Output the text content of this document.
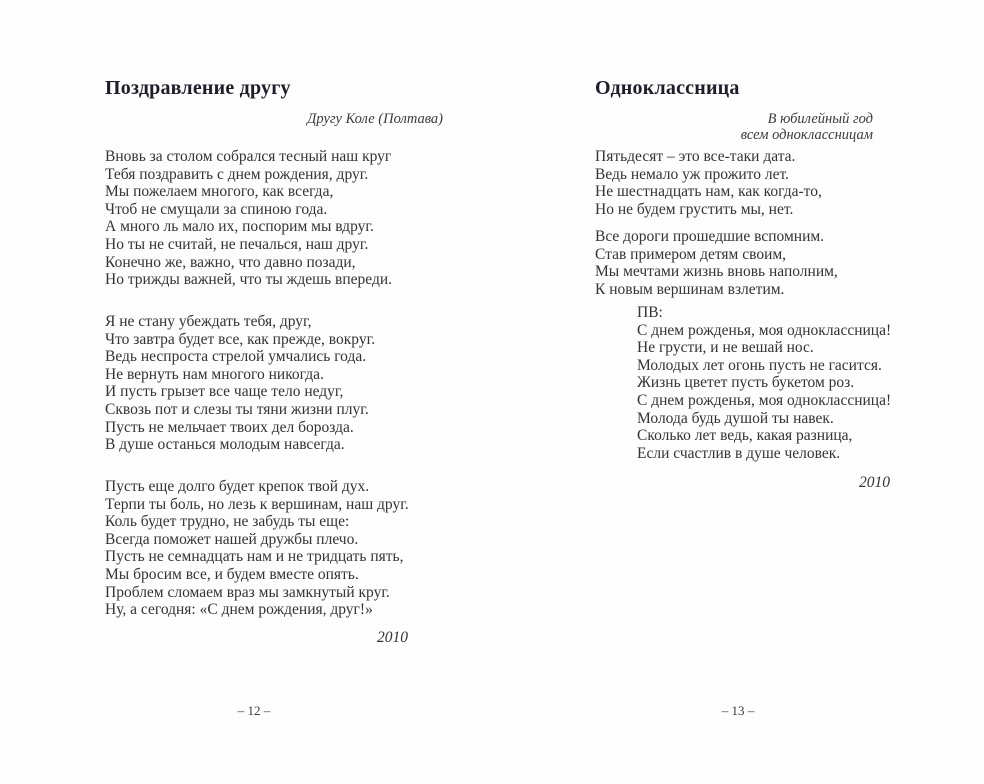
Поздравление другу
Другу Коле (Полтава)
Вновь за столом собрался тесный наш круг
Тебя поздравить с днем рождения, друг.
Мы пожелаем многого, как всегда,
Чтоб не смущали за спиною года.
А много ль мало их, поспорим мы вдруг.
Но ты не считай, не печалься, наш друг.
Конечно же, важно, что давно позади,
Но трижды важней, что ты ждешь впереди.
Я не стану убеждать тебя, друг,
Что завтра будет все, как прежде, вокруг.
Ведь неспроста стрелой умчались года.
Не вернуть нам многого никогда.
И пусть грызет все чаще тело недуг,
Сквозь пот и слезы ты тяни жизни плуг.
Пусть не мельчает твоих дел борозда.
В душе останься молодым навсегда.
Пусть еще долго будет крепок твой дух.
Терпи ты боль, но лезь к вершинам, наш друг.
Коль будет трудно, не забудь ты еще:
Всегда поможет нашей дружбы плечо.
Пусть не семнадцать нам и не тридцать пять,
Мы бросим все, и будем вместе опять.
Проблем сломаем враз мы замкнутый круг.
Ну, а сегодня: «С днем рождения, друг!»
2010
Одноклассница
В юбилейный год
всем одноклассницам
Пятьдесят – это все-таки дата.
Ведь немало уж прожито лет.
Не шестнадцать нам, как когда-то,
Но не будем грустить мы, нет.
Все дороги прошедшие вспомним.
Став примером детям своим,
Мы мечтами жизнь вновь наполним,
К новым вершинам взлетим.
ПВ:
С днем рожденья, моя одноклассница!
Не грусти, и не вешай нос.
Молодых лет огонь пусть не гасится.
Жизнь цветет пусть букетом роз.
С днем рожденья, моя одноклассница!
Молода будь душой ты навек.
Сколько лет ведь, какая разница,
Если счастлив в душе человек.
2010
– 12 –	– 13 –
